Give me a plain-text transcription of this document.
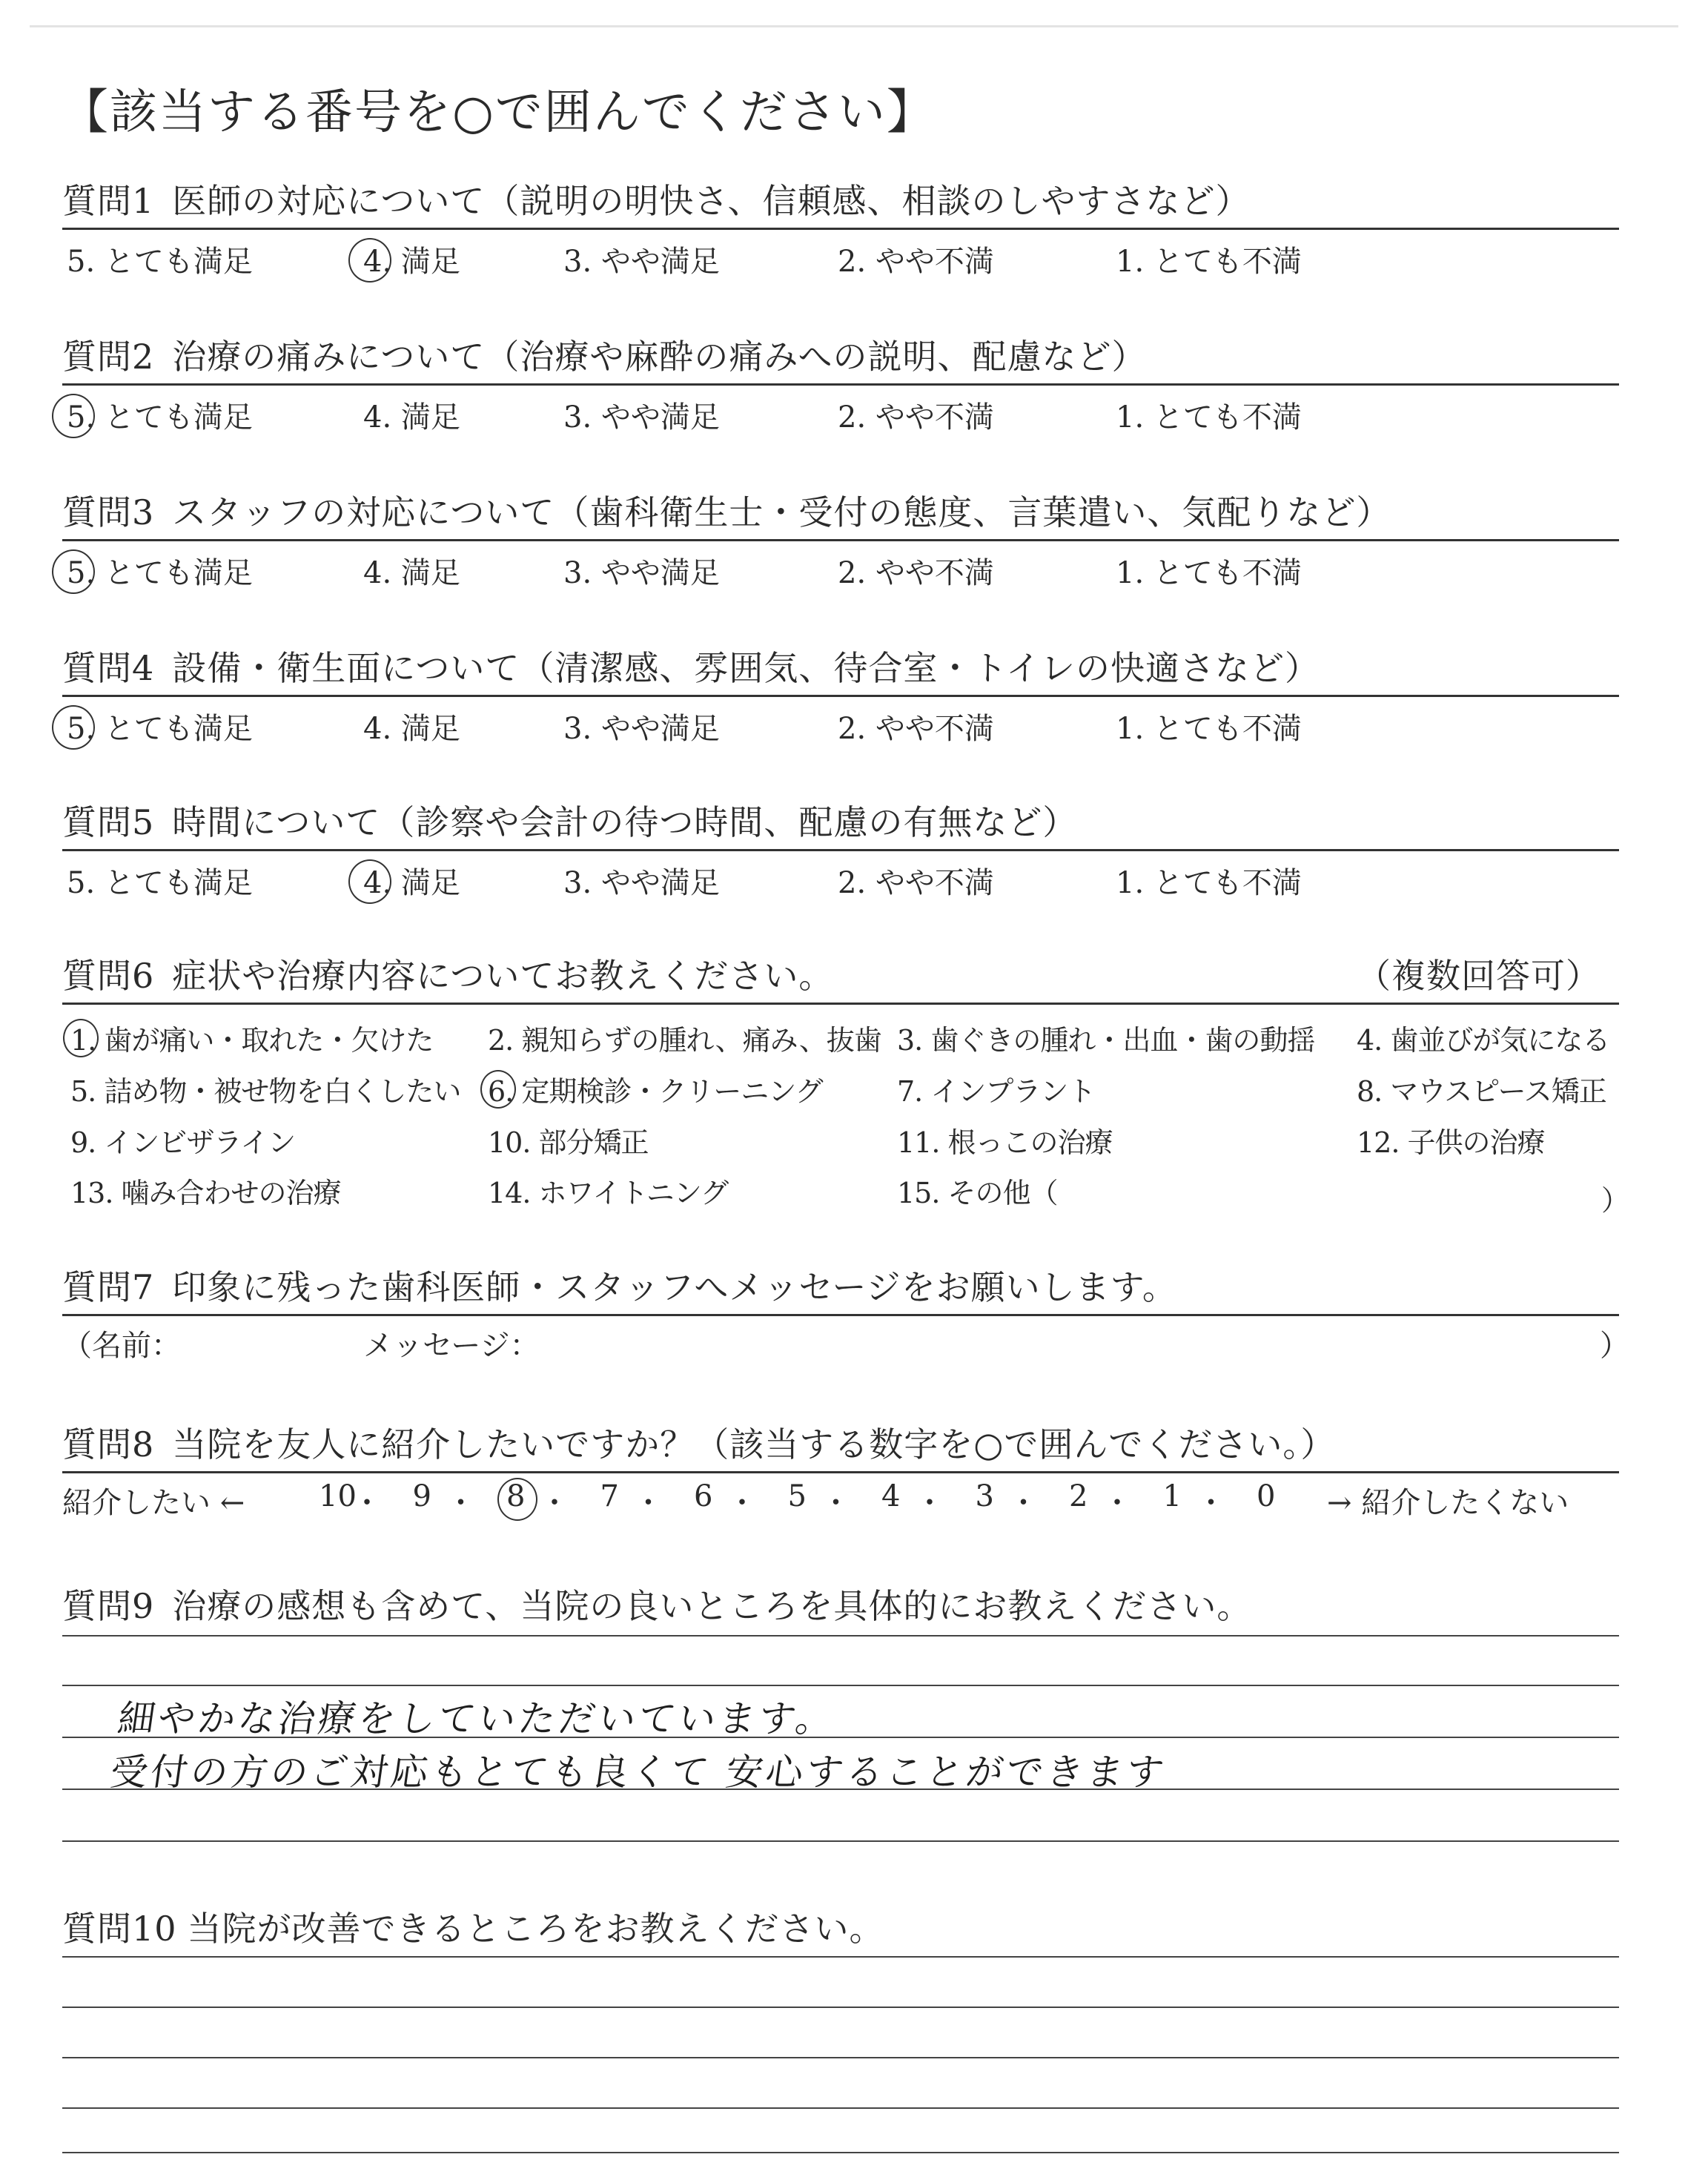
【該当する番号を○で囲んでください】
質問1 医師の対応について（説明の明快さ、信頼感、相談のしやすさなど）
5. とても満足	4. 満足	3. やや満足	2. やや不満	1. とても不満
質問2 治療の痛みについて（治療や麻酔の痛みへの説明、配慮など）
5. とても満足	4. 満足	3. やや満足	2. やや不満	1. とても不満
質問3 スタッフの対応について（歯科衛生士・受付の態度、言葉遣い、気配りなど）
5. とても満足	4. 満足	3. やや満足	2. やや不満	1. とても不満
質問4 設備・衛生面について（清潔感、雰囲気、待合室・トイレの快適さなど）
5. とても満足	4. 満足	3. やや満足	2. やや不満	1. とても不満
質問5 時間について（診察や会計の待つ時間、配慮の有無など）
5. とても満足	4. 満足	3. やや満足	2. やや不満	1. とても不満
質問6 症状や治療内容についてお教えください。	（複数回答可）
1. 歯が痛い・取れた・欠けた 2. 親知らずの腫れ、痛み、抜歯 3. 歯ぐきの腫れ・出血・歯の動揺 4. 歯並びが気になる
5. 詰め物・被せ物を白くしたい 6. 定期検診・クリーニング	7. インプラント	8. マウスピース矯正
9. インビザライン	10. 部分矯正	11. 根っこの治療	12. 子供の治療
13. 噛み合わせの治療	14. ホワイトニング	15. その他（	）
質問7 印象に残った歯科医師・スタッフへメッセージをお願いします。
（名前：	メッセージ：	）
質問8 当院を友人に紹介したいですか？（該当する数字を○で囲んでください。）
紹介したい ← 10
・ 9 ・ 8 ・ 7 ・ 6 ・ 5 ・ 4 ・ 3 ・ 2 ・ 1 ・ 0 → 紹介したくない
質問9 治療の感想も含めて、当院の良いところを具体的にお教えください。
細やかな治療をしていただいています。
受付の方のご対応もとても良くて 安心することができます
質問10 当院が改善できるところをお教えください。
